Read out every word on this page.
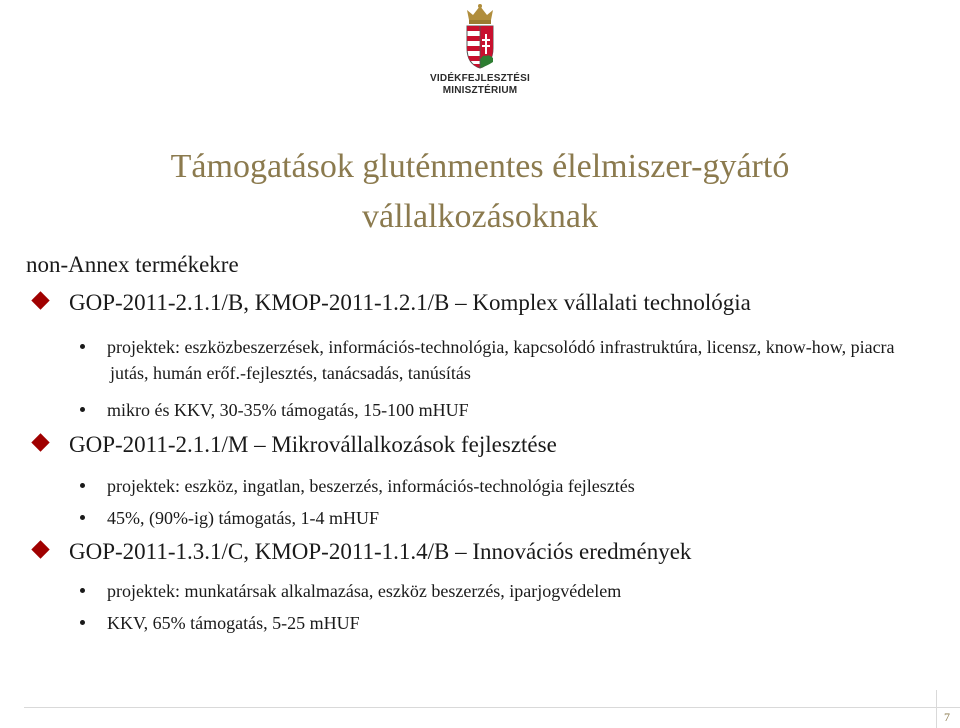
VIDÉKFEJLESZTÉSI
MINISZTÉRIUM
Támogatások gluténmentes élelmiszer-gyártó
vállalkozásoknak
non-Annex termékekre
GOP-2011-2.1.1/B, KMOP-2011-1.2.1/B – Komplex vállalati technológia
projektek: eszközbeszerzések, információs-technológia, kapcsolódó infrastruktúra, licensz, know-how, piacra jutás, humán erőf.-fejlesztés, tanácsadás, tanúsítás
mikro és KKV, 30-35% támogatás, 15-100 mHUF
GOP-2011-2.1.1/M – Mikrovállalkozások fejlesztése
projektek: eszköz, ingatlan, beszerzés, információs-technológia fejlesztés
45%, (90%-ig) támogatás, 1-4 mHUF
GOP-2011-1.3.1/C, KMOP-2011-1.1.4/B – Innovációs eredmények
projektek: munkatársak alkalmazása, eszköz beszerzés, iparjogvédelem
KKV, 65% támogatás, 5-25 mHUF
7
